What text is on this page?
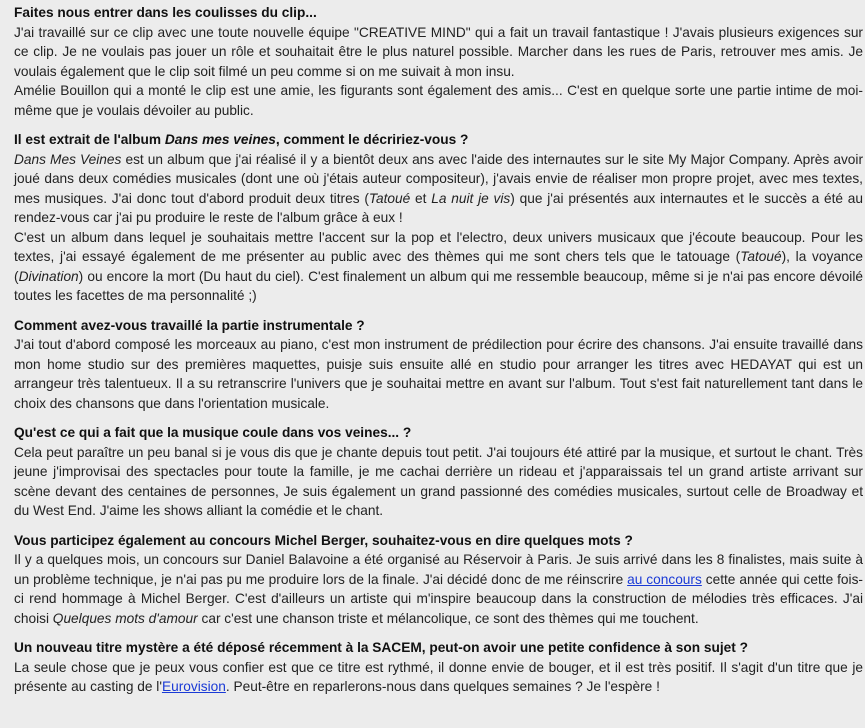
Faites nous entrer dans les coulisses du clip...

J'ai travaillé sur ce clip avec une toute nouvelle équipe "CREATIVE MIND" qui a fait un travail fantastique ! J'avais plusieurs exigences sur ce clip. Je ne voulais pas jouer un rôle et souhaitait être le plus naturel possible. Marcher dans les rues de Paris, retrouver mes amis. Je voulais également que le clip soit filmé un peu comme si on me suivait à mon insu.

Amélie Bouillon qui a monté le clip est une amie, les figurants sont également des amis... C'est en quelque sorte une partie intime de moi-même que je voulais dévoiler au public.

Il est extrait de l'album Dans mes veines, comment le décririez-vous ?

Dans Mes Veines est un album que j'ai réalisé il y a bientôt deux ans avec l'aide des internautes sur le site My Major Company. Après avoir joué dans deux comédies musicales (dont une où j'étais auteur compositeur), j'avais envie de réaliser mon propre projet, avec mes textes, mes musiques. J'ai donc tout d'abord produit deux titres (Tatoué et La nuit je vis) que j'ai présentés aux internautes et le succès a été au rendez-vous car j'ai pu produire le reste de l'album grâce à eux !

C'est un album dans lequel je souhaitais mettre l'accent sur la pop et l'electro, deux univers musicaux que j'écoute beaucoup. Pour les textes, j'ai essayé également de me présenter au public avec des thèmes qui me sont chers tels que le tatouage (Tatoué), la voyance (Divination) ou encore la mort (Du haut du ciel). C'est finalement un album qui me ressemble beaucoup, même si je n'ai pas encore dévoilé toutes les facettes de ma personnalité ;)

Comment avez-vous travaillé la partie instrumentale ?

J'ai tout d'abord composé les morceaux au piano, c'est mon instrument de prédilection pour écrire des chansons. J'ai ensuite travaillé dans mon home studio sur des premières maquettes, puisje suis ensuite allé en studio pour arranger les titres avec HEDAYAT qui est un arrangeur très talentueux. Il a su retranscrire l'univers que je souhaitai mettre en avant sur l'album. Tout s'est fait naturellement tant dans le choix des chansons que dans l'orientation musicale.

Qu'est ce qui a fait que la musique coule dans vos veines... ?

Cela peut paraître un peu banal si je vous dis que je chante depuis tout petit. J'ai toujours été attiré par la musique, et surtout le chant. Très jeune j'improvisai des spectacles pour toute la famille, je me cachai derrière un rideau et j'apparaissais tel un grand artiste arrivant sur scène devant des centaines de personnes, Je suis également un grand passionné des comédies musicales, surtout celle de Broadway et du West End. J'aime les shows alliant la comédie et le chant.

Vous participez également au concours Michel Berger, souhaitez-vous en dire quelques mots ?

Il y a quelques mois, un concours sur Daniel Balavoine a été organisé au Réservoir à Paris. Je suis arrivé dans les 8 finalistes, mais suite à un problème technique, je n'ai pas pu me produire lors de la finale. J'ai décidé donc de me réinscrire au concours cette année qui cette fois-ci rend hommage à Michel Berger. C'est d'ailleurs un artiste qui m'inspire beaucoup dans la construction de mélodies très efficaces. J'ai choisi Quelques mots d'amour car c'est une chanson triste et mélancolique, ce sont des thèmes qui me touchent.

Un nouveau titre mystère a été déposé récemment à la SACEM, peut-on avoir une petite confidence à son sujet ?

La seule chose que je peux vous confier est que ce titre est rythmé, il donne envie de bouger, et il est très positif. Il s'agit d'un titre que je présente au casting de l'Eurovision. Peut-être en reparlerons-nous dans quelques semaines ? Je l'espère !
